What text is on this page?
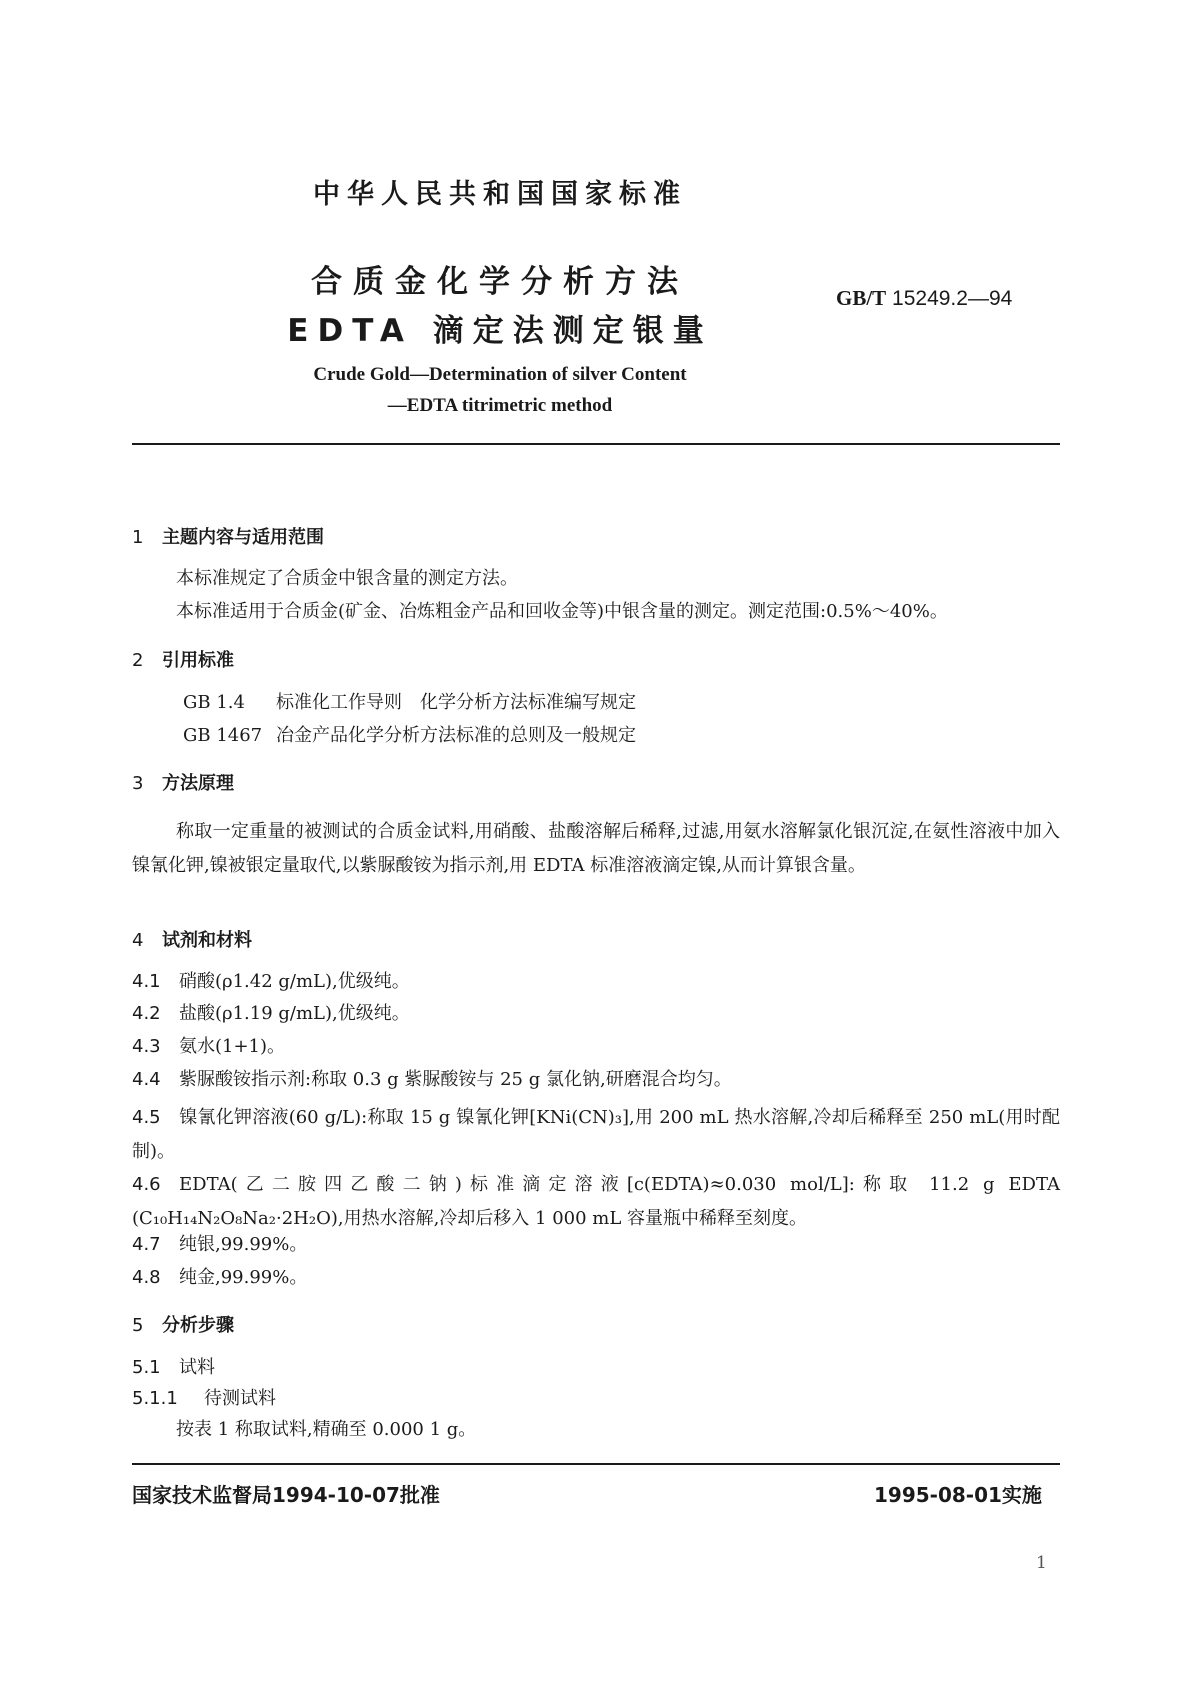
中华人民共和国国家标准
合质金化学分析方法
EDTA 滴定法测定银量
GB/T 15249.2—94
Crude Gold—Determination of silver Content
—EDTA titrimetric method
1 主题内容与适用范围
本标准规定了合质金中银含量的测定方法。
本标准适用于合质金(矿金、冶炼粗金产品和回收金等)中银含量的测定。测定范围:0.5%～40%。
2 引用标准
GB 1.4 标准化工作导则　化学分析方法标准编写规定
GB 1467 冶金产品化学分析方法标准的总则及一般规定
3 方法原理
称取一定重量的被测试的合质金试料,用硝酸、盐酸溶解后稀释,过滤,用氨水溶解氯化银沉淀,在氨性溶液中加入镍氰化钾,镍被银定量取代,以紫脲酸铵为指示剂,用 EDTA 标准溶液滴定镍,从而计算银含量。
4 试剂和材料
4.1 硝酸(ρ1.42 g/mL),优级纯。
4.2 盐酸(ρ1.19 g/mL),优级纯。
4.3 氨水(1+1)。
4.4 紫脲酸铵指示剂:称取 0.3 g 紫脲酸铵与 25 g 氯化钠,研磨混合均匀。
4.5 镍氰化钾溶液(60 g/L):称取 15 g 镍氰化钾[KNi(CN)₃],用 200 mL 热水溶解,冷却后稀释至 250 mL(用时配制)。
4.6 EDTA(乙二胺四乙酸二钠)标准滴定溶液[c(EDTA)≈0.030 mol/L]:称取 11.2 g EDTA (C₁₀H₁₄N₂O₈Na₂·2H₂O),用热水溶解,冷却后移入 1 000 mL 容量瓶中稀释至刻度。
4.7 纯银,99.99%。
4.8 纯金,99.99%。
5 分析步骤
5.1 试料
5.1.1 待测试料
按表 1 称取试料,精确至 0.000 1 g。
国家技术监督局1994-10-07批准	1995-08-01实施
1
